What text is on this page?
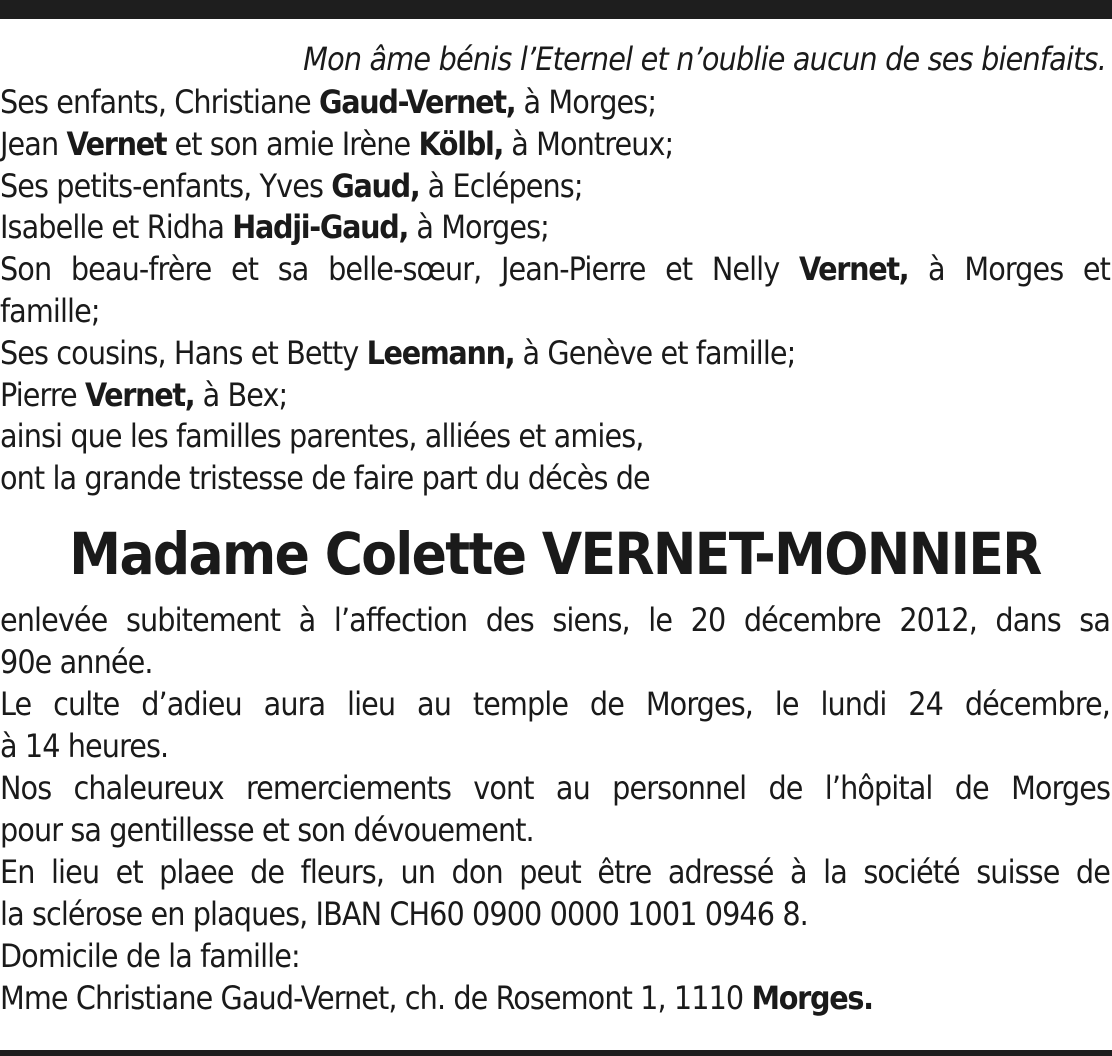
Mon âme bénis l’Eternel et n’oublie aucun de ses bienfaits.

Ses enfants, Christiane Gaud-Vernet, à Morges;
Jean Vernet et son amie Irène Kölbl, à Montreux;
Ses petits-enfants, Yves Gaud, à Eclépens;
Isabelle et Ridha Hadji-Gaud, à Morges;
Son beau-frère et sa belle-sœur, Jean-Pierre et Nelly Vernet, à Morges et
famille;
Ses cousins, Hans et Betty Leemann, à Genève et famille;
Pierre Vernet, à Bex;
ainsi que les familles parentes, alliées et amies,
ont la grande tristesse de faire part du décès de

Madame Colette VERNET-MONNIER

enlevée subitement à l’affection des siens, le 20 décembre 2012, dans sa
90e année.
Le culte d’adieu aura lieu au temple de Morges, le lundi 24 décembre,
à 14 heures.
Nos chaleureux remerciements vont au personnel de l’hôpital de Morges
pour sa gentillesse et son dévouement.
En lieu et plaee de fleurs, un don peut être adressé à la société suisse de
la sclérose en plaques, IBAN CH60 0900 0000 1001 0946 8.
Domicile de la famille:
Mme Christiane Gaud-Vernet, ch. de Rosemont 1, 1110 Morges.
